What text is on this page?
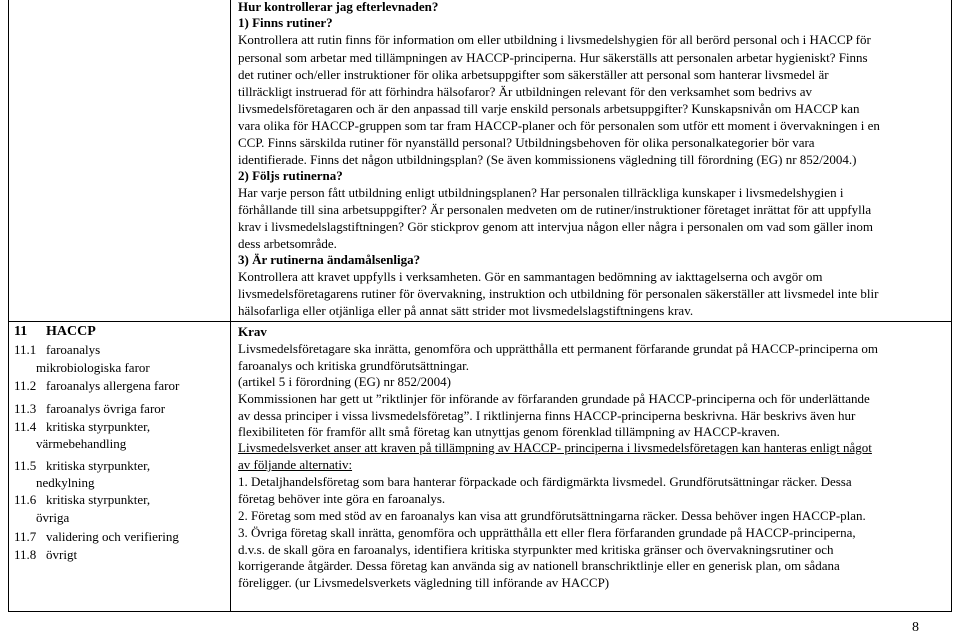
Hur kontrollerar jag efterlevnaden?
1) Finns rutiner?
Kontrollera att rutin finns för information om eller utbildning i livsmedelshygien för all berörd personal och i HACCP för
personal som arbetar med tillämpningen av HACCP-principerna. Hur säkerställs att personalen arbetar hygieniskt? Finns
det rutiner och/eller instruktioner för olika arbetsuppgifter som säkerställer att personal som hanterar livsmedel är
tillräckligt instruerad för att förhindra hälsofaror? Är utbildningen relevant för den verksamhet som bedrivs av
livsmedelsföretagaren och är den anpassad till varje enskild personals arbetsuppgifter? Kunskapsnivån om HACCP kan
vara olika för HACCP-gruppen som tar fram HACCP-planer och för personalen som utför ett moment i övervakningen i en
CCP. Finns särskilda rutiner för nyanställd personal? Utbildningsbehoven för olika personalkategorier bör vara
identifierade. Finns det någon utbildningsplan? (Se även kommissionens vägledning till förordning (EG) nr 852/2004.)
2) Följs rutinerna?
Har varje person fått utbildning enligt utbildningsplanen? Har personalen tillräckliga kunskaper i livsmedelshygien i
förhållande till sina arbetsuppgifter? Är personalen medveten om de rutiner/instruktioner företaget inrättat för att uppfylla
krav i livsmedelslagstiftningen? Gör stickprov genom att intervjua någon eller några i personalen om vad som gäller inom
dess arbetsområde.
3) Är rutinerna ändamålsenliga?
Kontrollera att kravet uppfylls i verksamheten. Gör en sammantagen bedömning av iakttagelserna och avgör om
livsmedelsföretagarens rutiner för övervakning, instruktion och utbildning för personalen säkerställer att livsmedel inte blir
hälsofarliga eller otjänliga eller på annat sätt strider mot livsmedelslagstiftningens krav.
11 HACCP
11.1 faroanalys
mikrobiologiska faror
11.2 faroanalys allergena faror
11.3 faroanalys övriga faror
11.4 kritiska styrpunkter,
värmebehandling
11.5 kritiska styrpunkter,
nedkylning
11.6 kritiska styrpunkter,
övriga
11.7 validering och verifiering
11.8 övrigt
Krav
Livsmedelsföretagare ska inrätta, genomföra och upprätthålla ett permanent förfarande grundat på HACCP-principerna om
faroanalys och kritiska grundförutsättningar.
(artikel 5 i förordning (EG) nr 852/2004)
Kommissionen har gett ut ”riktlinjer för införande av förfaranden grundade på HACCP-principerna och för underlättande
av dessa principer i vissa livsmedelsföretag”. I riktlinjerna finns HACCP-principerna beskrivna. Här beskrivs även hur
flexibiliteten för framför allt små företag kan utnyttjas genom förenklad tillämpning av HACCP-kraven.
Livsmedelsverket anser att kraven på tillämpning av HACCP- principerna i livsmedelsföretagen kan hanteras enligt något
av följande alternativ:
1. Detaljhandelsföretag som bara hanterar förpackade och färdigmärkta livsmedel. Grundförutsättningar räcker. Dessa
företag behöver inte göra en faroanalys.
2. Företag som med stöd av en faroanalys kan visa att grundförutsättningarna räcker. Dessa behöver ingen HACCP-plan.
3. Övriga företag skall inrätta, genomföra och upprätthålla ett eller flera förfaranden grundade på HACCP-principerna,
d.v.s. de skall göra en faroanalys, identifiera kritiska styrpunkter med kritiska gränser och övervakningsrutiner och
korrigerande åtgärder. Dessa företag kan använda sig av nationell branschriktlinje eller en generisk plan, om sådana
föreligger. (ur Livsmedelsverkets vägledning till införande av HACCP)
8
